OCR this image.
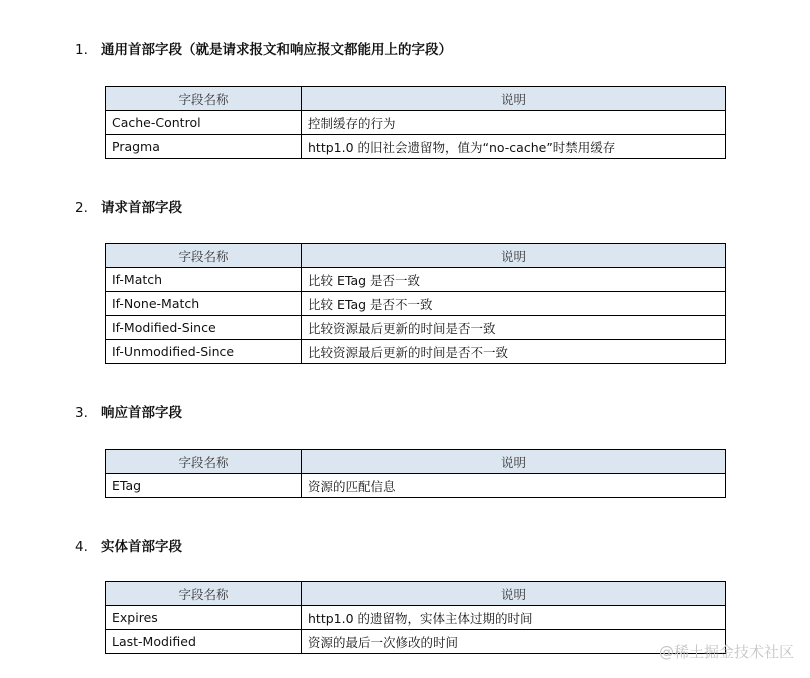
1. 通用首部字段（就是请求报文和响应报文都能用上的字段）
字段名称	说明
Cache-Control	控制缓存的行为
Pragma	http1.0 的旧社会遗留物，值为“no-cache”时禁用缓存
2. 请求首部字段
字段名称	说明
If-Match	比较 ETag 是否一致
If-None-Match	比较 ETag 是否不一致
If-Modified-Since	比较资源最后更新的时间是否一致
If-Unmodified-Since	比较资源最后更新的时间是否不一致
3. 响应首部字段
字段名称	说明
ETag	资源的匹配信息
4. 实体首部字段
字段名称	说明
Expires	http1.0 的遗留物，实体主体过期的时间
Last-Modified	资源的最后一次修改的时间
@稀土掘金技术社区
